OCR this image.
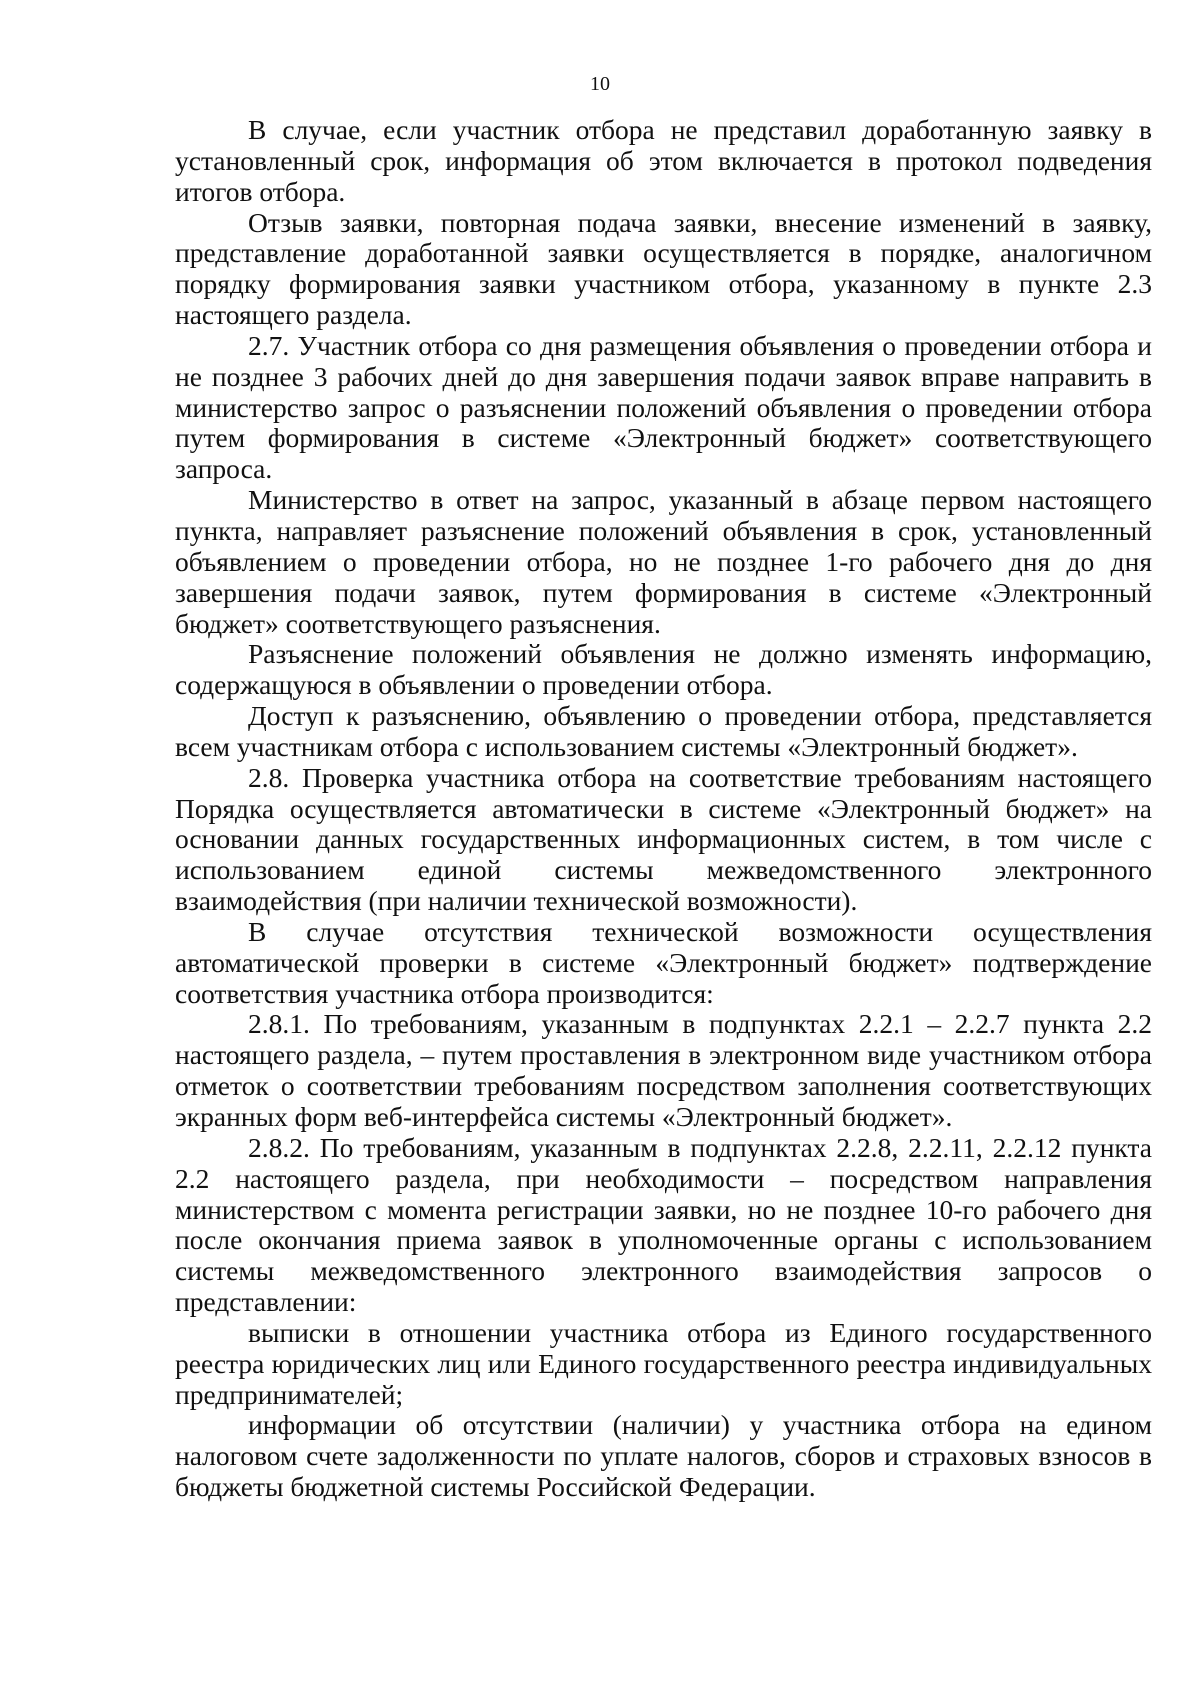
10

В случае, если участник отбора не представил доработанную заявку в установленный срок, информация об этом включается в протокол подведения итогов отбора.

Отзыв заявки, повторная подача заявки, внесение изменений в заявку, представление доработанной заявки осуществляется в порядке, аналогичном порядку формирования заявки участником отбора, указанному в пункте 2.3 настоящего раздела.

2.7. Участник отбора со дня размещения объявления о проведении отбора и не позднее 3 рабочих дней до дня завершения подачи заявок вправе направить в министерство запрос о разъяснении положений объявления о проведении отбора путем формирования в системе «Электронный бюджет» соответствующего запроса.

Министерство в ответ на запрос, указанный в абзаце первом настоящего пункта, направляет разъяснение положений объявления в срок, установленный объявлением о проведении отбора, но не позднее 1-го рабочего дня до дня завершения подачи заявок, путем формирования в системе «Электронный бюджет» соответствующего разъяснения.

Разъяснение положений объявления не должно изменять информацию, содержащуюся в объявлении о проведении отбора.

Доступ к разъяснению, объявлению о проведении отбора, представляется всем участникам отбора с использованием системы «Электронный бюджет».

2.8. Проверка участника отбора на соответствие требованиям настоящего Порядка осуществляется автоматически в системе «Электронный бюджет» на основании данных государственных информационных систем, в том числе с использованием единой системы межведомственного электронного взаимодействия (при наличии технической возможности).

В случае отсутствия технической возможности осуществления автоматической проверки в системе «Электронный бюджет» подтверждение соответствия участника отбора производится:

2.8.1. По требованиям, указанным в подпунктах 2.2.1 – 2.2.7 пункта 2.2 настоящего раздела, – путем проставления в электронном виде участником отбора отметок о соответствии требованиям посредством заполнения соответствующих экранных форм веб-интерфейса системы «Электронный бюджет».

2.8.2. По требованиям, указанным в подпунктах 2.2.8, 2.2.11, 2.2.12 пункта 2.2 настоящего раздела, при необходимости – посредством направления министерством с момента регистрации заявки, но не позднее 10-го рабочего дня после окончания приема заявок в уполномоченные органы с использованием системы межведомственного электронного взаимодействия запросов о представлении:

выписки в отношении участника отбора из Единого государственного реестра юридических лиц или Единого государственного реестра индивидуальных предпринимателей;

информации об отсутствии (наличии) у участника отбора на едином налоговом счете задолженности по уплате налогов, сборов и страховых взносов в бюджеты бюджетной системы Российской Федерации.
